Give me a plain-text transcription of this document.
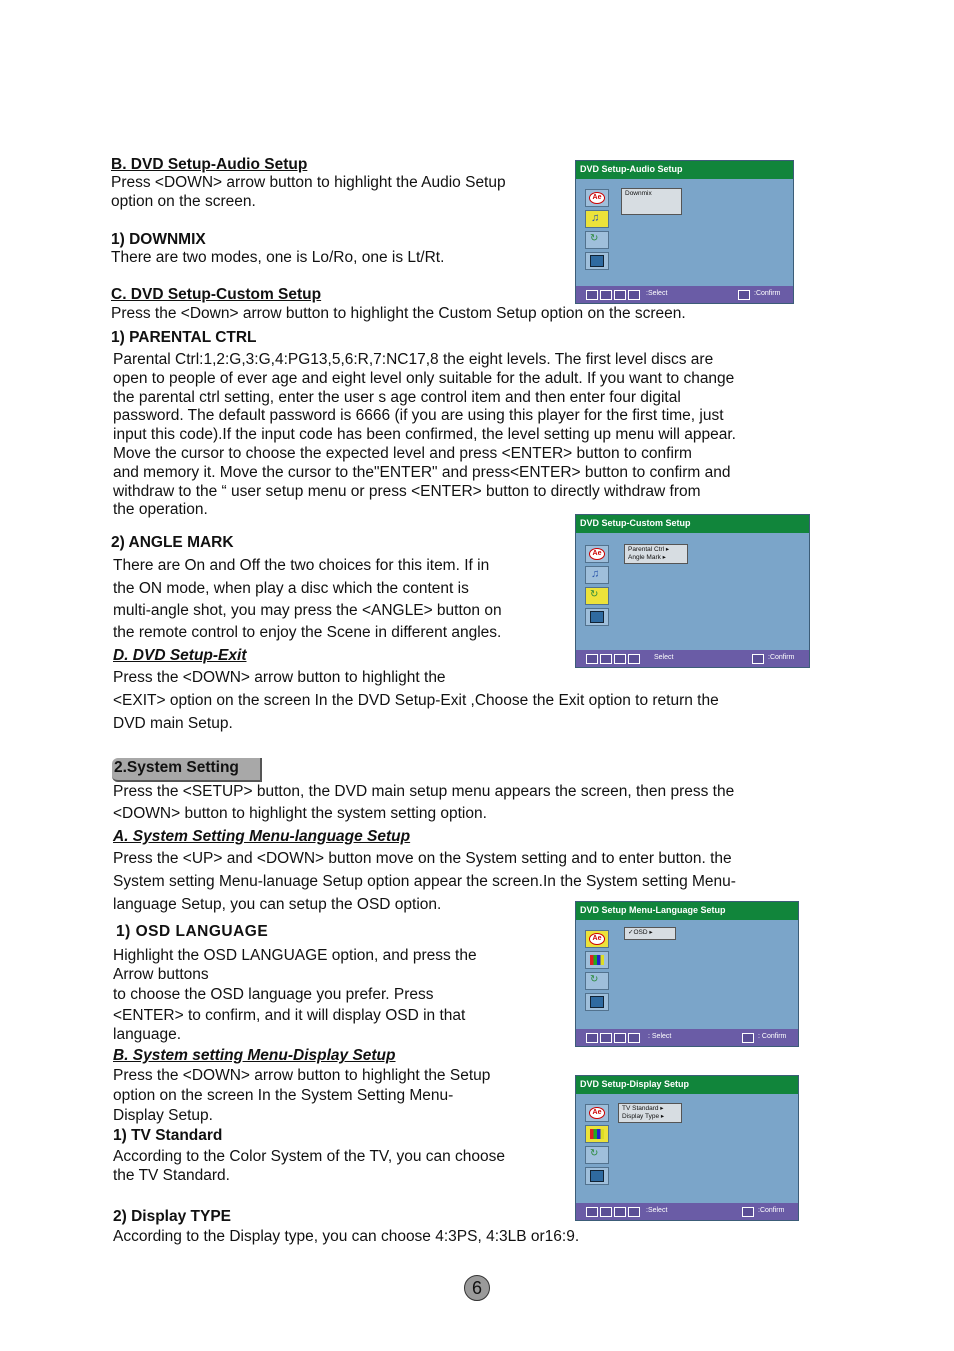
B. DVD Setup-Audio Setup
Press <DOWN> arrow button to highlight the Audio Setup
option on the screen.
1) DOWNMIX
There are two modes, one is Lo/Ro, one is Lt/Rt.
C. DVD Setup-Custom Setup
Press the <Down> arrow button to highlight the Custom Setup option on the screen.
1) PARENTAL CTRL
Parental Ctrl:1,2:G,3:G,4:PG13,5,6:R,7:NC17,8 the eight levels. The first level discs are
open to people of ever age and eight level only suitable for the adult. If you want to change
the parental ctrl setting, enter the user s age control item and then enter four digital
password. The default password is 6666 (if you are using this player for the first time, just
input this code).If the input code has been confirmed, the level setting up menu will appear.
Move the cursor to choose the expected level and press <ENTER> button to confirm
and memory it. Move the cursor to the"ENTER" and press<ENTER> button to confirm and
withdraw to the “ user setup menu or press <ENTER> button to directly withdraw from
the operation.
2) ANGLE MARK
There are On and Off the two choices for this item. If in
the ON mode, when play a disc which the content is
multi-angle shot, you may press the <ANGLE> button on
the remote control to enjoy the Scene in different angles.
D. DVD Setup-Exit
Press the <DOWN> arrow button to highlight the
<EXIT> option on the screen In the DVD Setup-Exit ,Choose the Exit option to return the
DVD main Setup.
2.System Setting
Press the <SETUP> button, the DVD main setup menu appears the screen, then press the
<DOWN> button to highlight the system setting option.
A. System Setting Menu-language Setup
Press the <UP> and <DOWN> button move on the System setting and to enter button. the
System setting Menu-lanuage Setup option appear the screen.In the System setting Menu-
language Setup, you can setup the OSD option.
1) OSD LANGUAGE
Highlight the OSD LANGUAGE option, and press the
Arrow buttons
to choose the OSD language you prefer. Press
<ENTER> to confirm, and it will display OSD in that
language.
B. System setting Menu-Display Setup
Press the <DOWN> arrow button to highlight the Setup
option on the screen In the System Setting Menu-
Display Setup.
1) TV Standard
According to the Color System of the TV, you can choose
the TV Standard.
2) Display TYPE
According to the Display type, you can choose 4:3PS, 4:3LB or16:9.
DVD Setup-Audio Setup
Ae
♫
↻
Downmix
:Select	:Confirm
DVD Setup-Custom Setup
Ae
♫
↻
Parental Ctrl ▸
Angle Mark ▸
Select	:Confirm
DVD Setup Menu-Language Setup
Ae
↻
✓OSD ▸
: Select	: Confirm
DVD Setup-Display Setup
Ae
↻
TV Standard ▸
Display Type ▸
:Select	:Confirm
6
